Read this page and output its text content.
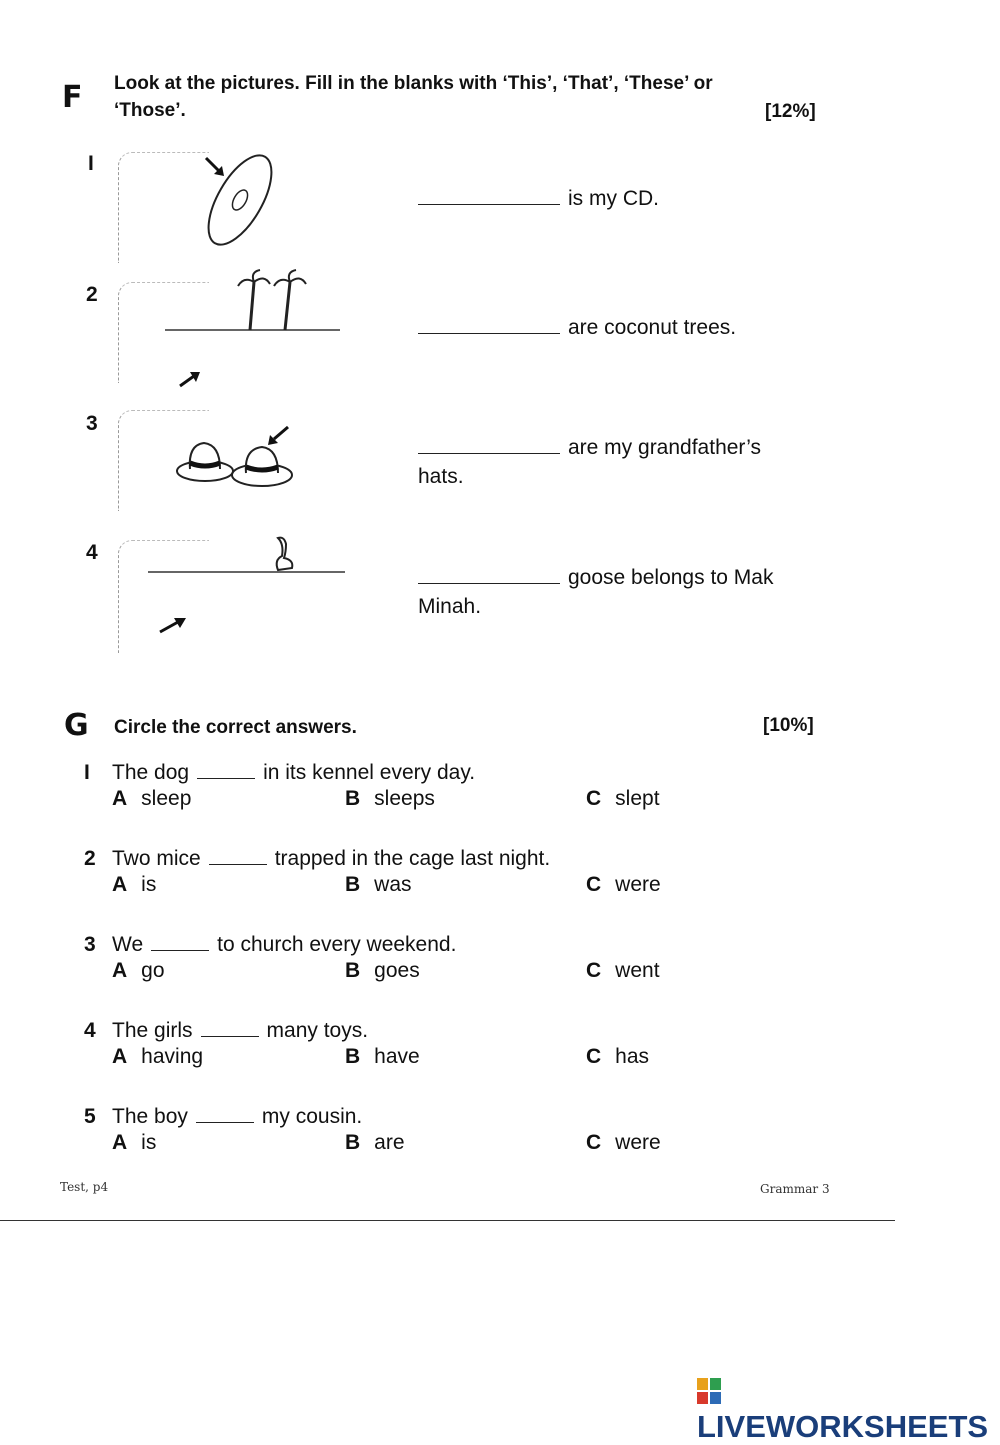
F Look at the pictures. Fill in the blanks with ‘This’, ‘That’, ‘These’ or
‘Those’.	[12%]
I
is my CD.
2
are coconut trees.
3
are my grandfather’s
hats.
4
goose belongs to Mak
Minah.
G Circle the correct answers.	[10%]
I The dog	in its kennel every day.
A sleep	B sleeps	C slept
2 Two mice	trapped in the cage last night.
A is	B was	C were
3 We	to church every weekend.
A go	B goes	C went
4 The girls	many toys.
A having	B have	C has
5 The boy	my cousin.
A is	B are	C were
Test, p4	Grammar 3
LIVEWORKSHEETS
